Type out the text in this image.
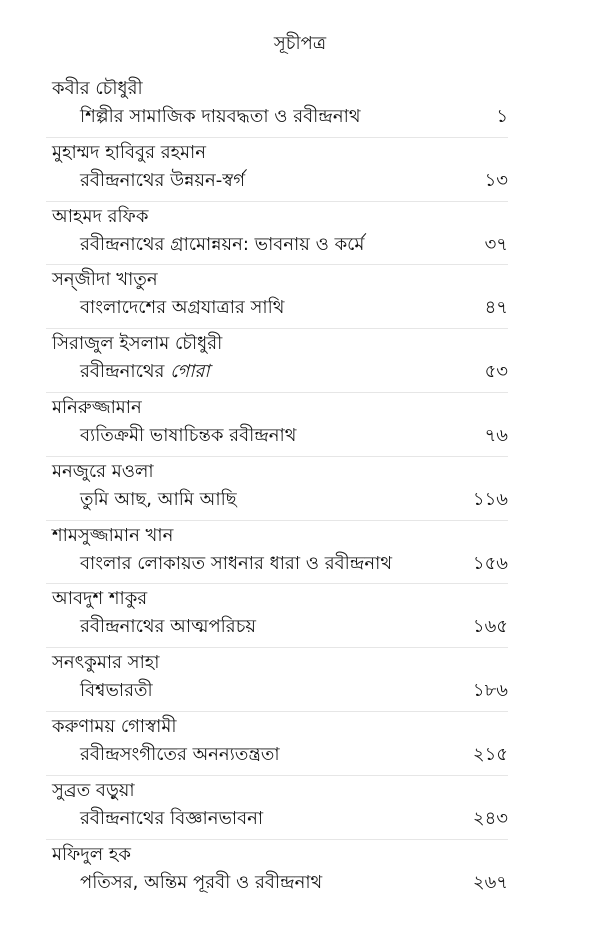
সূচীপত্র
কবীর চৌধুরী
শিল্পীর সামাজিক দায়বদ্ধতা ও রবীন্দ্রনাথ	১
মুহাম্মদ হাবিবুর রহমান
রবীন্দ্রনাথের উন্নয়ন-স্বর্গ	১৩
আহমদ রফিক
রবীন্দ্রনাথের গ্রামোন্নয়ন: ভাবনায় ও কর্মে	৩৭
সন্‌জীদা খাতুন
বাংলাদেশের অগ্রযাত্রার সাথি	৪৭
সিরাজুল ইসলাম চৌধুরী
রবীন্দ্রনাথের গোরা	৫৩
মনিরুজ্জামান
ব্যতিক্রমী ভাষাচিন্তক রবীন্দ্রনাথ	৭৬
মনজুরে মওলা
তুমি আছ, আমি আছি	১১৬
শামসুজ্জামান খান
বাংলার লোকায়ত সাধনার ধারা ও রবীন্দ্রনাথ	১৫৬
আবদুশ শাকুর
রবীন্দ্রনাথের আত্মপরিচয়	১৬৫
সনৎকুমার সাহা
বিশ্বভারতী	১৮৬
করুণাময় গোস্বামী
রবীন্দ্রসংগীতের অনন্যতন্ত্রতা	২১৫
সুব্রত বড়ুয়া
রবীন্দ্রনাথের বিজ্ঞানভাবনা	২৪৩
মফিদুল হক
পতিসর, অন্তিম পূরবী ও রবীন্দ্রনাথ	২৬৭
